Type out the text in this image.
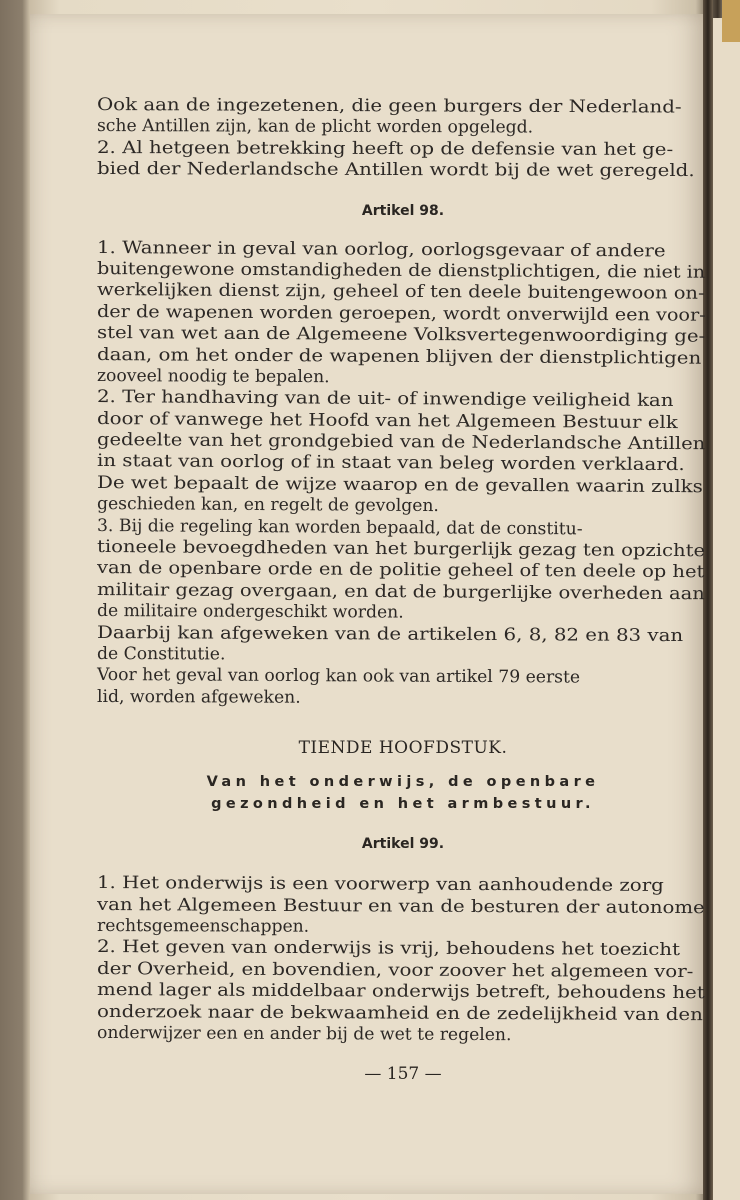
Ook aan de ingezetenen, die geen burgers der Nederland-
sche Antillen zijn, kan de plicht worden opgelegd.
2. Al hetgeen betrekking heeft op de defensie van het ge-
bied der Nederlandsche Antillen wordt bij de wet geregeld.
Artikel 98.
1. Wanneer in geval van oorlog, oorlogsgevaar of andere
buitengewone omstandigheden de dienstplichtigen, die niet in
werkelijken dienst zijn, geheel of ten deele buitengewoon on-
der de wapenen worden geroepen, wordt onverwijld een voor-
stel van wet aan de Algemeene Volksvertegenwoordiging ge-
daan, om het onder de wapenen blijven der dienstplichtigen
zooveel noodig te bepalen.
2. Ter handhaving van de uit- of inwendige veiligheid kan
door of vanwege het Hoofd van het Algemeen Bestuur elk
gedeelte van het grondgebied van de Nederlandsche Antillen
in staat van oorlog of in staat van beleg worden verklaard.
De wet bepaalt de wijze waarop en de gevallen waarin zulks
geschieden kan, en regelt de gevolgen.
3. Bij die regeling kan worden bepaald, dat de constitu-
tioneele bevoegdheden van het burgerlijk gezag ten opzichte
van de openbare orde en de politie geheel of ten deele op het
militair gezag overgaan, en dat de burgerlijke overheden aan
de militaire ondergeschikt worden.
Daarbij kan afgeweken van de artikelen 6, 8, 82 en 83 van
de Constitutie.
Voor het geval van oorlog kan ook van artikel 79 eerste
lid, worden afgeweken.
TIENDE HOOFDSTUK.
Van het onderwijs, de openbare
gezondheid en het armbestuur.
Artikel 99.
1. Het onderwijs is een voorwerp van aanhoudende zorg
van het Algemeen Bestuur en van de besturen der autonome
rechtsgemeenschappen.
2. Het geven van onderwijs is vrij, behoudens het toezicht
der Overheid, en bovendien, voor zoover het algemeen vor-
mend lager als middelbaar onderwijs betreft, behoudens het
onderzoek naar de bekwaamheid en de zedelijkheid van den
onderwijzer een en ander bij de wet te regelen.
— 157 —
